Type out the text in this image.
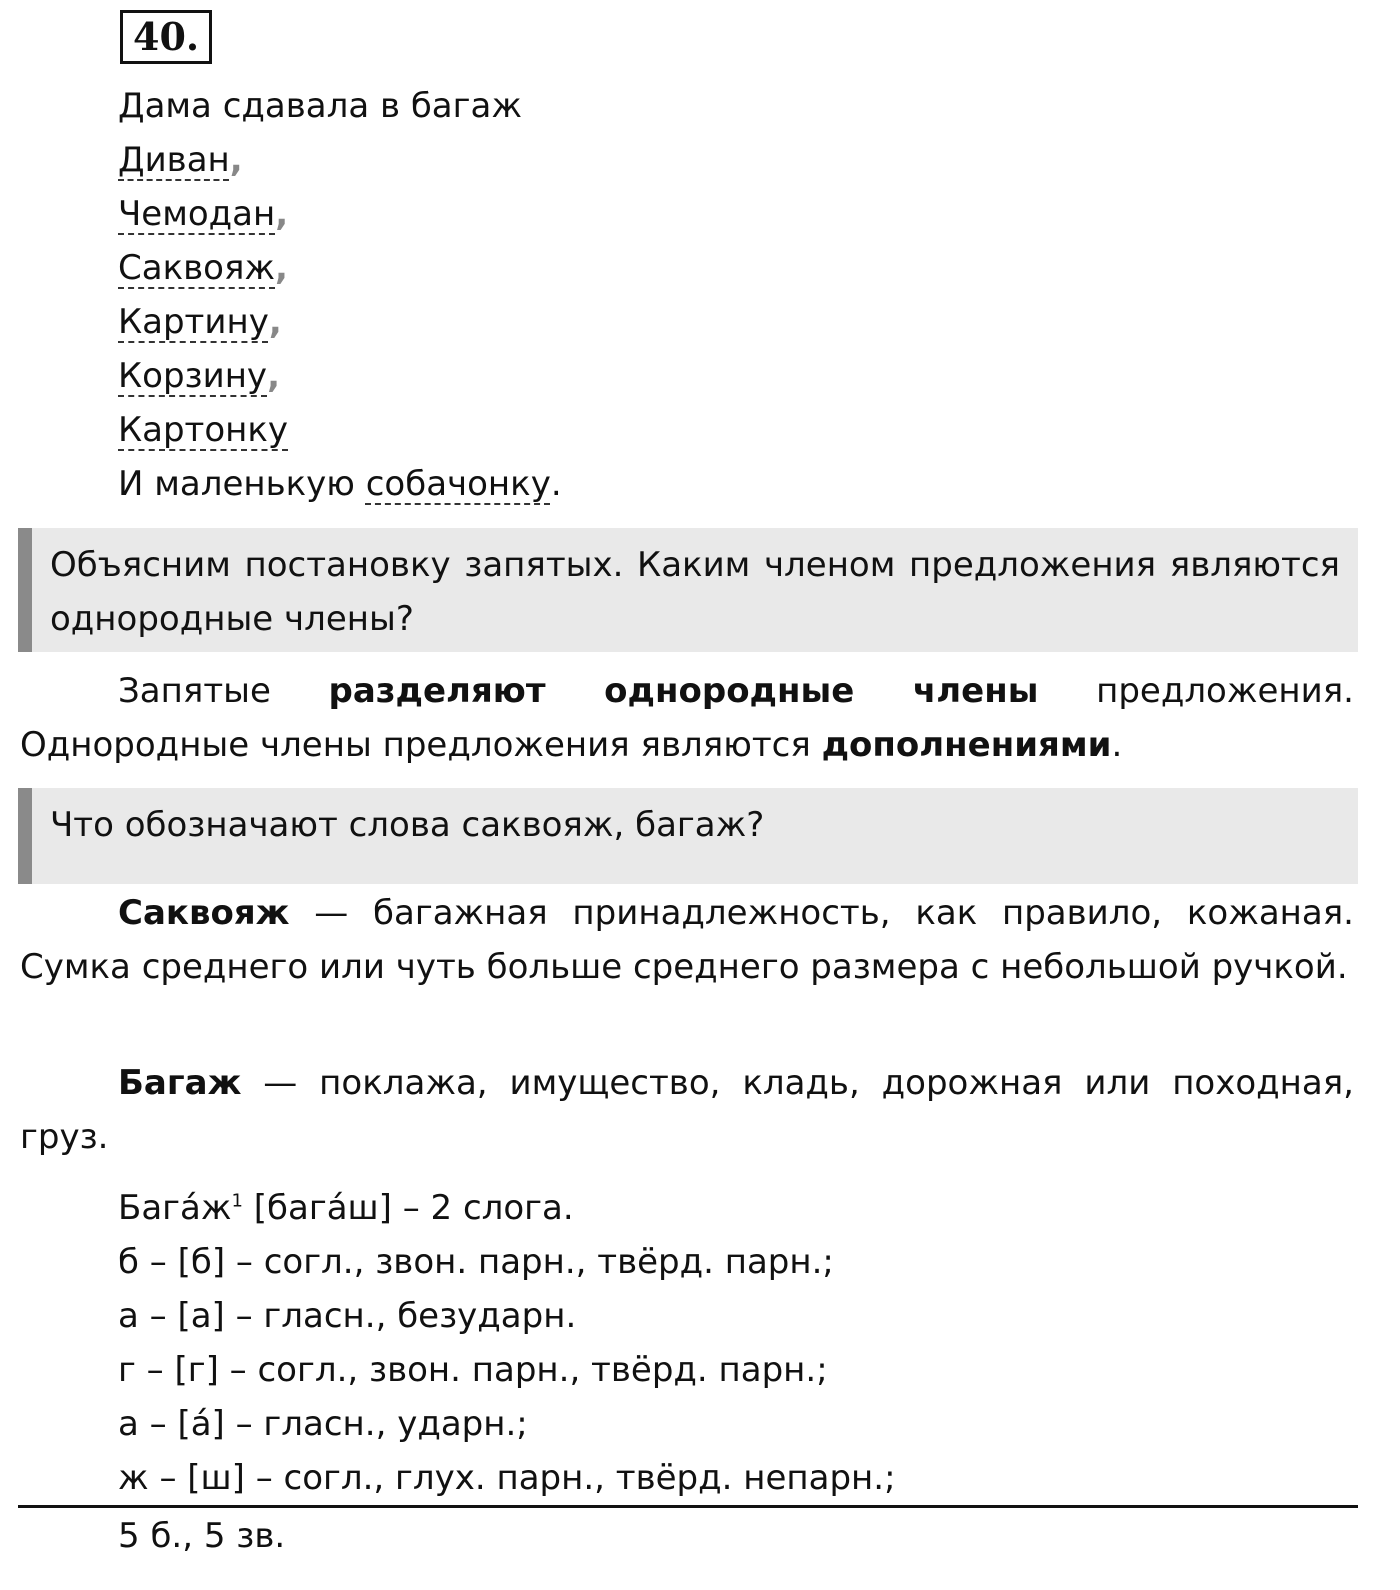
40.
Дама сдавала в багаж
Диван,
Чемодан,
Саквояж,
Картину,
Корзину,
Картонку
И маленькую собачонку.
Объясним постановку запятых. Каким членом предложения являются однородные члены?
Запятые разделяют однородные члены предложения. Однородные члены предложения являются дополнениями.
Что обозначают слова саквояж, багаж?
Саквояж — багажная принадлежность, как правило, кожаная. Сумка среднего или чуть больше среднего размера с небольшой ручкой.
Багаж — поклажа, имущество, кладь, дорожная или походная, груз.
$Бага́ж^1$ [бага́ш] – 2 слога.
б – [б] – согл., звон. парн., твёрд. парн.;
а – [а] – гласн., безударн.
г – [г] – согл., звон. парн., твёрд. парн.;
а – [а́] – гласн., ударн.;
ж – [ш] – согл., глух. парн., твёрд. непарн.;
5 б., 5 зв.
